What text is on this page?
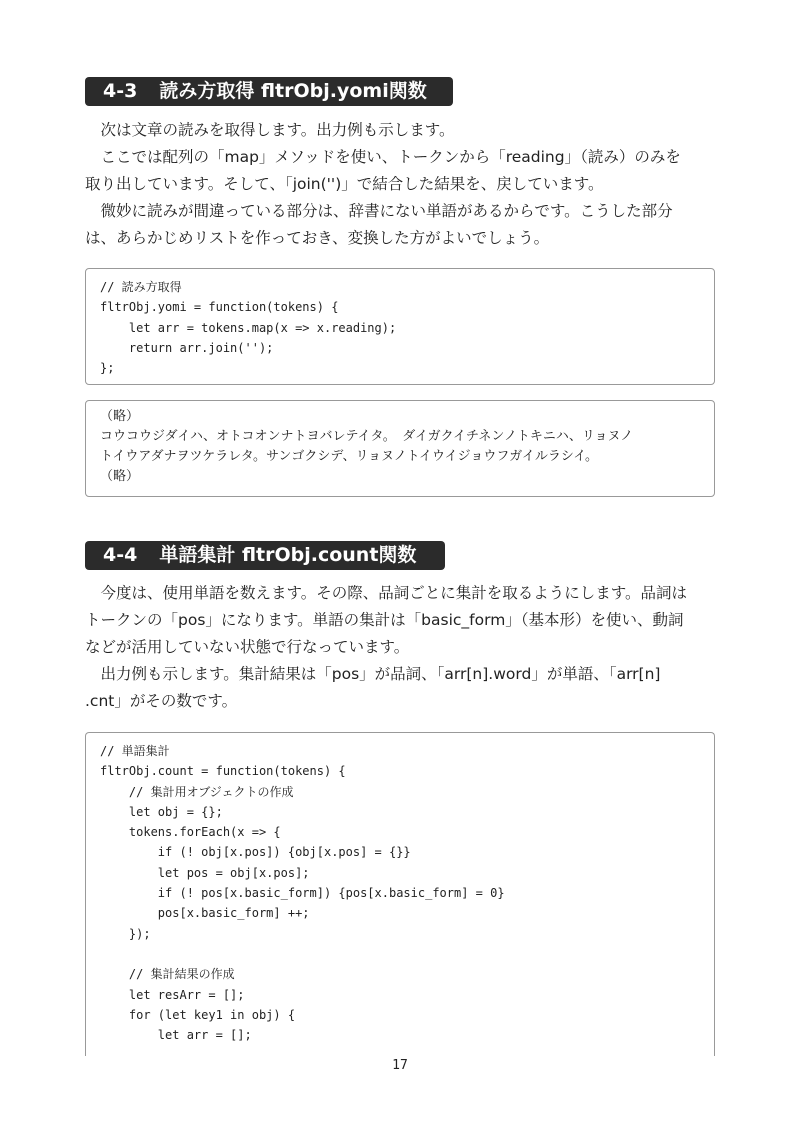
4-3 読み方取得 fltrObj.yomi関数
　次は文章の読みを取得します。出力例も示します。
　ここでは配列の「map」メソッドを使い、トークンから「reading」（読み）のみを
取り出しています。そして、「join('')」で結合した結果を、戻しています。
　微妙に読みが間違っている部分は、辞書にない単語があるからです。こうした部分
は、あらかじめリストを作っておき、変換した方がよいでしょう。
// 読み方取得
fltrObj.yomi = function(tokens) {
let arr = tokens.map(x => x.reading);
return arr.join('');
};
（略）
コウコウジダイハ、オトコオンナトヨバレテイタ。　ダイガクイチネンノトキニハ、リョヌノ
トイウアダナヲツケラレタ。サンゴクシデ、リョヌノトイウイジョウフガイルラシイ。
（略）
4-4 単語集計 fltrObj.count関数
　今度は、使用単語を数えます。その際、品詞ごとに集計を取るようにします。品詞は
トークンの「pos」になります。単語の集計は「basic_form」（基本形）を使い、動詞
などが活用していない状態で行なっています。
　出力例も示します。集計結果は「pos」が品詞、「arr[n].word」が単語、「arr[n]
.cnt」がその数です。
// 単語集計
fltrObj.count = function(tokens) {
// 集計用オブジェクトの作成
let obj = {};
tokens.forEach(x => {
if (! obj[x.pos]) {obj[x.pos] = {}}
let pos = obj[x.pos];
if (! pos[x.basic_form]) {pos[x.basic_form] = 0}
pos[x.basic_form] ++;
});
// 集計結果の作成
let resArr = [];
for (let key1 in obj) {
let arr = [];
17
